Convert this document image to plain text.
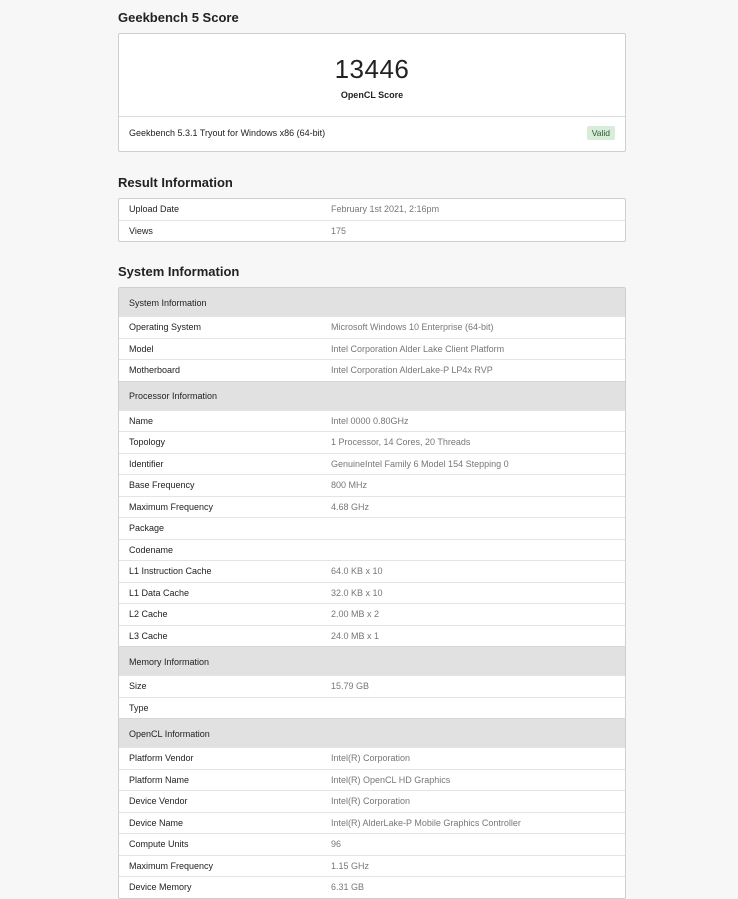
Geekbench 5 Score
13446
OpenCL Score
Geekbench 5.3.1 Tryout for Windows x86 (64-bit)	Valid
Result Information
Upload Date	February 1st 2021, 2:16pm
Views	175
System Information
System Information
Operating System	Microsoft Windows 10 Enterprise (64-bit)
Model	Intel Corporation Alder Lake Client Platform
Motherboard	Intel Corporation AlderLake-P LP4x RVP
Processor Information
Name	Intel 0000 0.80GHz
Topology	1 Processor, 14 Cores, 20 Threads
Identifier	GenuineIntel Family 6 Model 154 Stepping 0
Base Frequency	800 MHz
Maximum Frequency	4.68 GHz
Package
Codename
L1 Instruction Cache	64.0 KB x 10
L1 Data Cache	32.0 KB x 10
L2 Cache	2.00 MB x 2
L3 Cache	24.0 MB x 1
Memory Information
Size	15.79 GB
Type
OpenCL Information
Platform Vendor	Intel(R) Corporation
Platform Name	Intel(R) OpenCL HD Graphics
Device Vendor	Intel(R) Corporation
Device Name	Intel(R) AlderLake-P Mobile Graphics Controller
Compute Units	96
Maximum Frequency	1.15 GHz
Device Memory	6.31 GB
